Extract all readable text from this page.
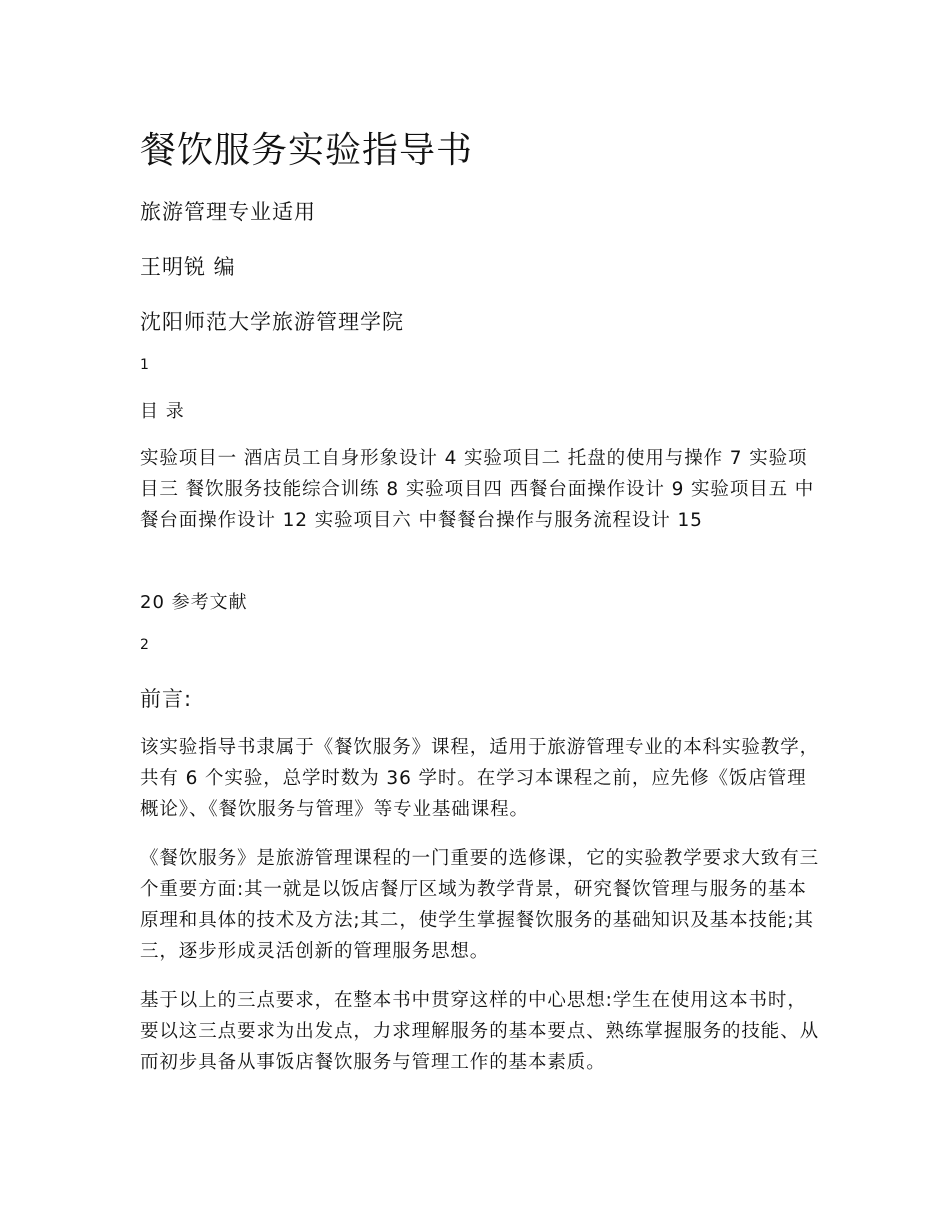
餐饮服务实验指导书

旅游管理专业适用

王明锐 编

沈阳师范大学旅游管理学院

1

目 录

实验项目一 酒店员工自身形象设计 4 实验项目二 托盘的使用与操作 7 实验项目三 餐饮服务技能综合训练 8 实验项目四 西餐台面操作设计 9 实验项目五 中餐台面操作设计 12 实验项目六 中餐餐台操作与服务流程设计 15

20 参考文献

2

前言:

该实验指导书隶属于《餐饮服务》课程，适用于旅游管理专业的本科实验教学，共有 6 个实验，总学时数为 36 学时。在学习本课程之前，应先修《饭店管理概论》、《餐饮服务与管理》等专业基础课程。

《餐饮服务》是旅游管理课程的一门重要的选修课，它的实验教学要求大致有三个重要方面:其一就是以饭店餐厅区域为教学背景，研究餐饮管理与服务的基本原理和具体的技术及方法;其二，使学生掌握餐饮服务的基础知识及基本技能;其三，逐步形成灵活创新的管理服务思想。

基于以上的三点要求，在整本书中贯穿这样的中心思想:学生在使用这本书时，要以这三点要求为出发点，力求理解服务的基本要点、熟练掌握服务的技能、从而初步具备从事饭店餐饮服务与管理工作的基本素质。
